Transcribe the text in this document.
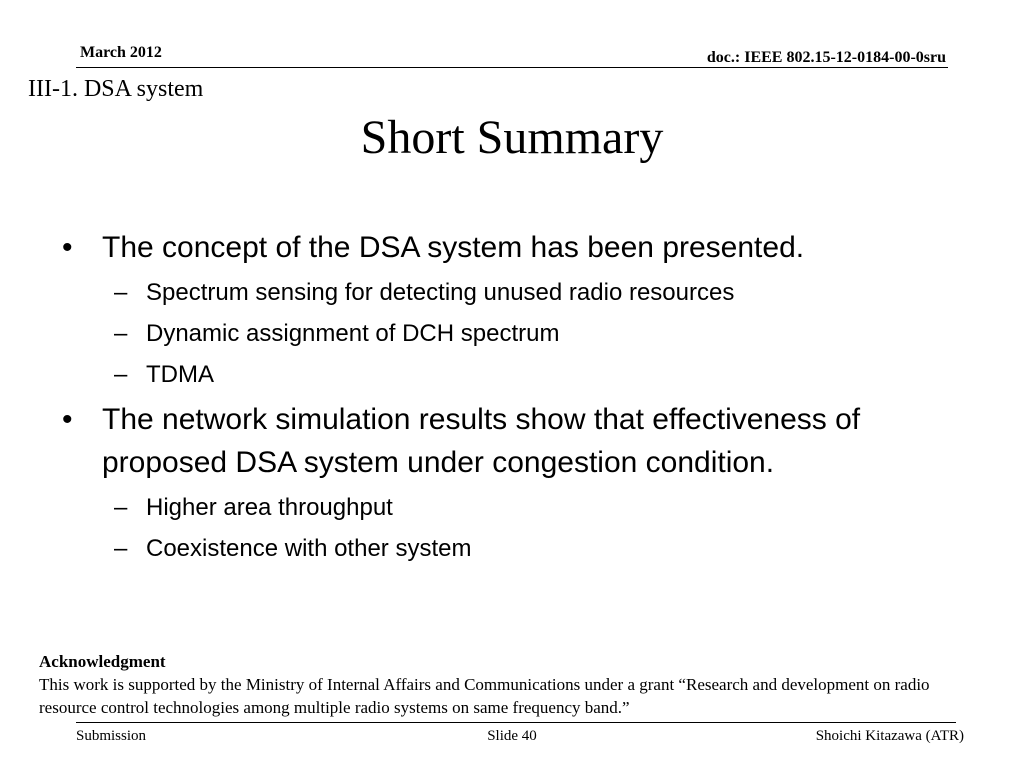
March 2012	doc.: IEEE 802.15-12-0184-00-0sru
III-1. DSA system
Short Summary
• The concept of the DSA system has been presented.
– Spectrum sensing for detecting unused radio resources
– Dynamic assignment of DCH spectrum
– TDMA
• The network simulation results show that effectiveness of proposed DSA system under congestion condition.
– Higher area throughput
– Coexistence with other system
Acknowledgment
This work is supported by the Ministry of Internal Affairs and Communications under a grant “Research and development on radio resource control technologies among multiple radio systems on same frequency band.”
Submission	Slide 40	Shoichi Kitazawa (ATR)
